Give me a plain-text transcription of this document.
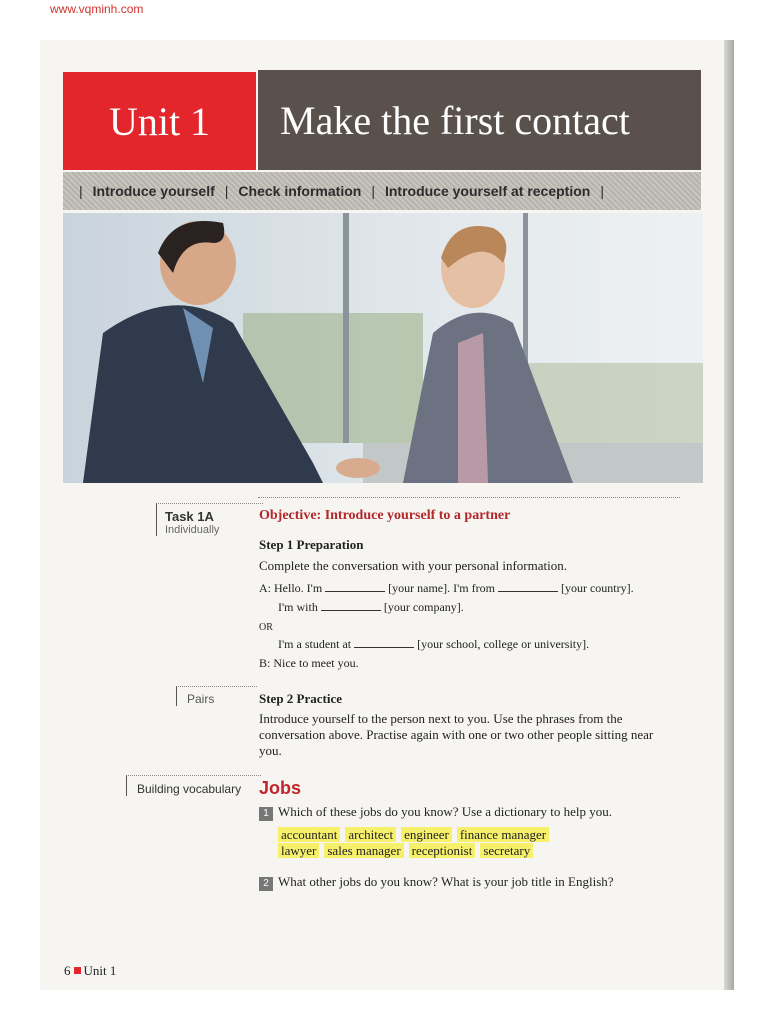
www.vqminh.com
Unit 1	Make the first contact
| Introduce yourself | Check information | Introduce yourself at reception |
Task 1A
Individually
Objective: Introduce yourself to a partner
Step 1 Preparation
Complete the conversation with your personal information.
A: Hello. I'm	[your name]. I'm from	[your country].
I'm with	[your company].
OR
I'm a student at	[your school, college or university].
B: Nice to meet you.
Pairs	Step 2 Practice
Introduce yourself to the person next to you. Use the phrases from the conversation above. Practise again with one or two other people sitting near you.
Building vocabulary Jobs
1 Which of these jobs do you know? Use a dictionary to help you.
accountant architect engineer finance manager
lawyer sales manager receptionist secretary
2 What other jobs do you know? What is your job title in English?
6 Unit 1
